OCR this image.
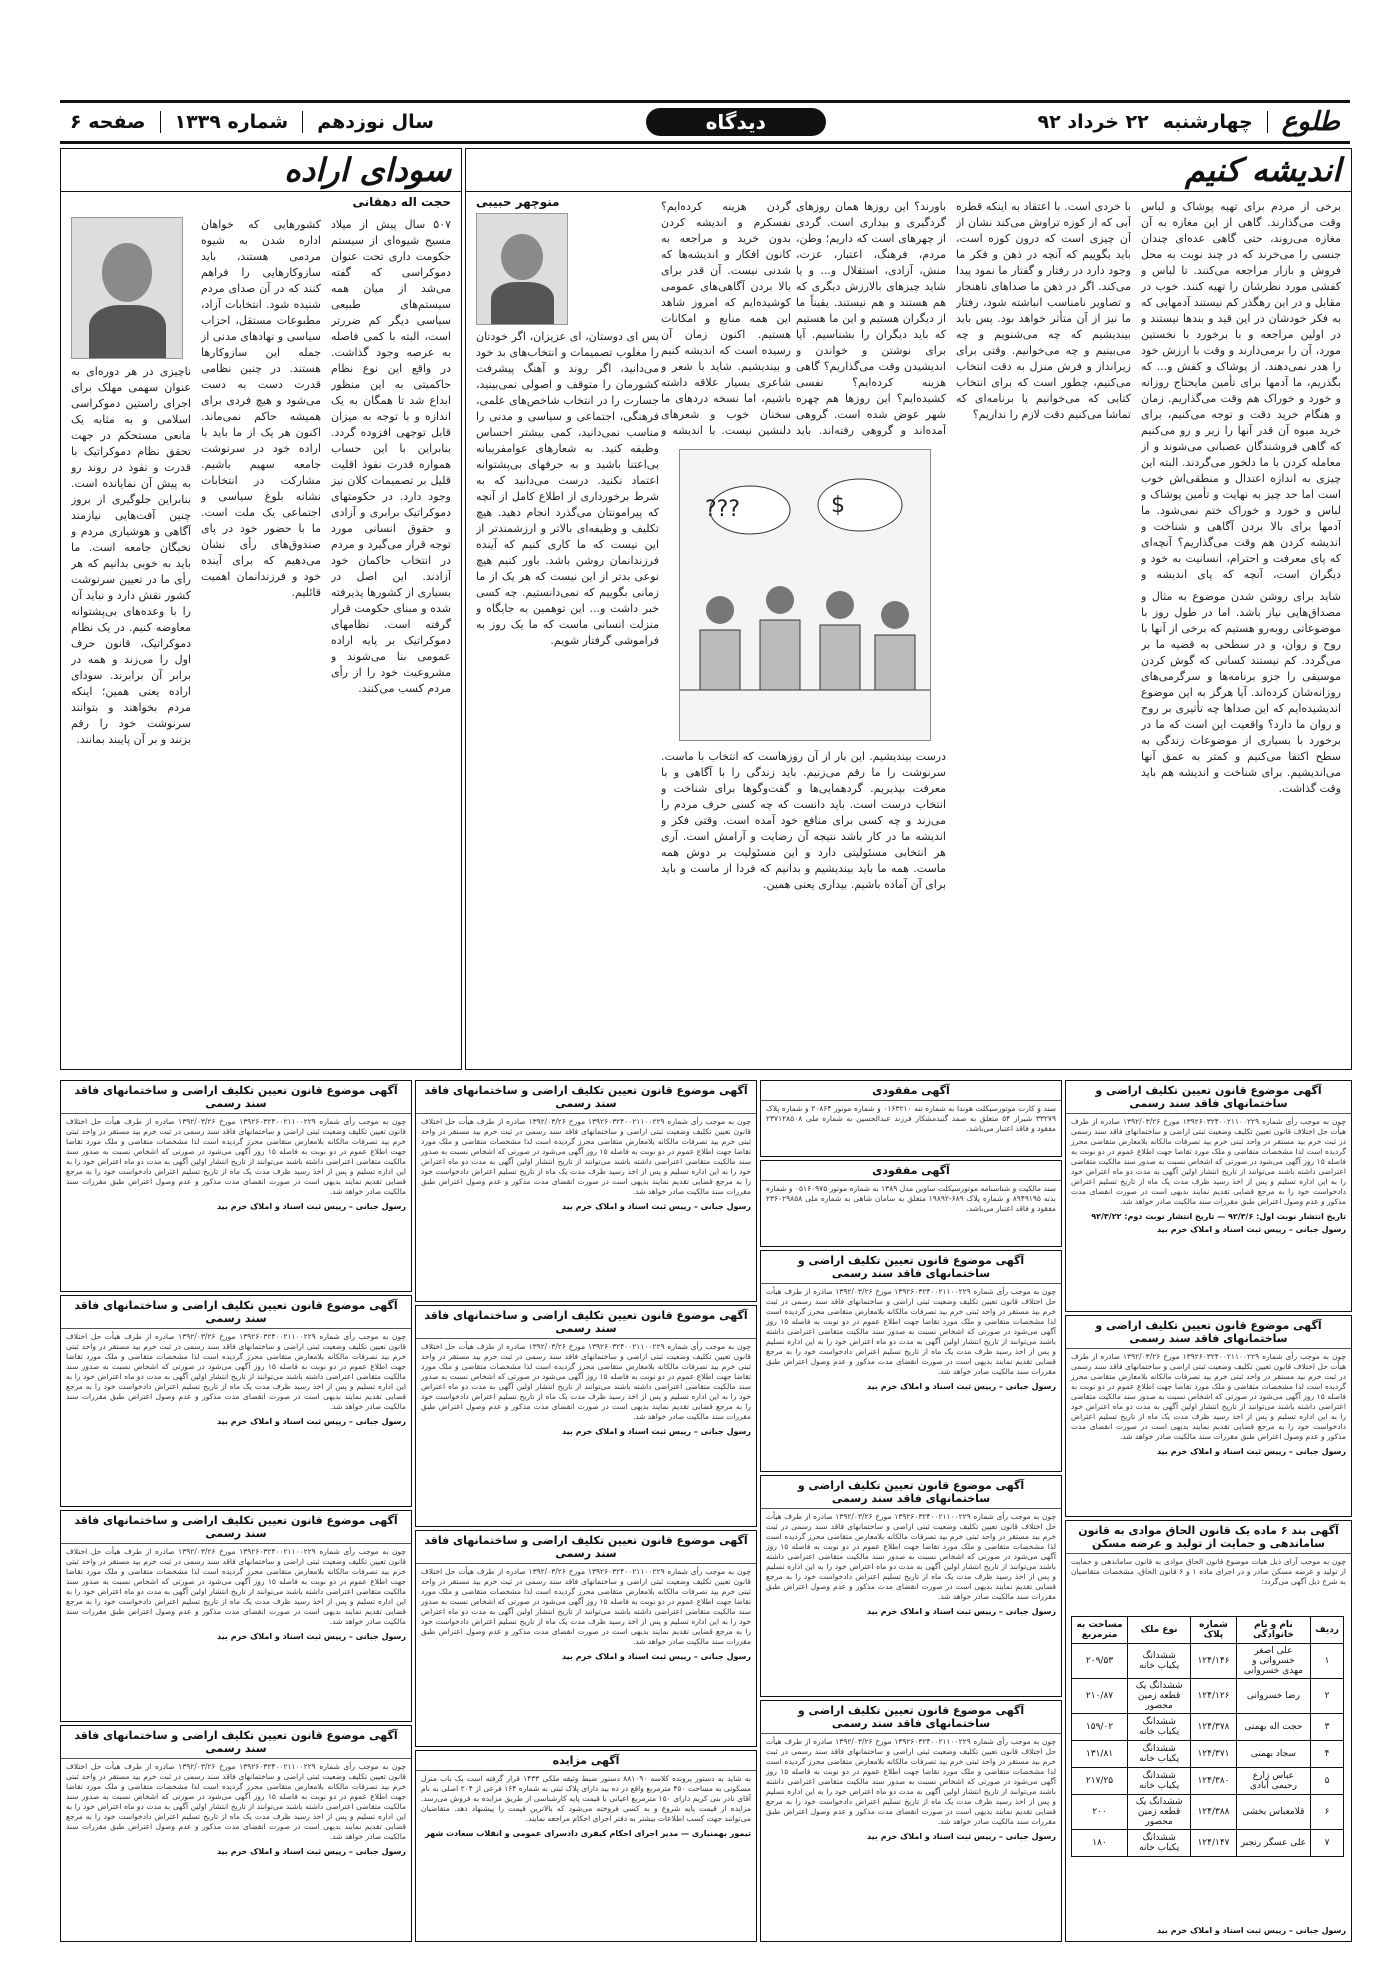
طلوع
چهارشنبه
۲۲ خرداد ۹۲
دیدگاه
سال نوزدهم
شماره ۱۳۳۹
صفحه ۶
اندیشه کنیم
منوچهر حبیبی	برخی از مردم برای تهیه پوشاک و لباس وقت می‌گذارند. گاهی از این مغازه به آن مغازه می‌روند، حتی گاهی عده‌ای چندان جنسی را می‌خرند که در چند نوبت به محل فروش و بازار مراجعه می‌کنند. تا لباس و کفشی مورد نظرشان را تهیه کنند. خوب در مقابل و در این رهگذر کم نیستند آدمهایی که به فکر خودشان در این قید و بندها نیستند و در اولین مراجعه و با برخورد با نخستین مورد، آن را برمی‌دارند و وقت با ارزش خود را هدر نمی‌دهند. از پوشاک و کفش و... که بگذریم، ما آدمها برای تأمین مایحتاج روزانه و خورد و خوراک هم وقت می‌گذاریم. زمان و هنگام خرید دقت و توجه می‌کنیم، برای خرید میوه آن قدر آنها را زیر و رو می‌کنیم که گاهی فروشندگان عصبانی می‌شوند و از معامله کردن با ما دلخور می‌گردند. البته این چیزی به اندازه اعتدال و منطقی‌اش خوب است اما حد چیز به نهایت و تأمین پوشاک و لباس و خورد و خوراک ختم نمی‌شود. ما آدمها برای بالا بردن آگاهی و شناخت و اندیشه کردن هم وقت می‌گذاریم؟ آنچه‌ای که پای معرفت و احترام، انسانیت به خود و دیگران است، آنچه که پای اندیشه و
شاید برای روشن شدن موضوع به مثال و مصداق‌هایی نیاز باشد. اما در طول روز با موضوعاتی روبه‌رو هستیم که برخی از آنها با روح و روان، و در سطحی به قضیه ما بر می‌گردد. کم نیستند کسانی که گوش کردن موسیقی را جزو برنامه‌ها و سرگرمی‌های روزانه‌شان کرده‌اند. آیا هرگز به این موضوع اندیشیده‌ایم که این صداها چه تأثیری بر روح و روان ما دارد؟ واقعیت این است که ما در برخورد با بسیاری از موضوعات زندگی به سطح اکتفا می‌کنیم و کمتر به عمق آنها می‌اندیشیم. برای شناخت و اندیشه هم باید وقت گذاشت.
با خردی است. با اعتقاد به اینکه قطره آبی که از کوزه تراوش می‌کند نشان از آن چیزی است که درون کوزه است، باید بگوییم که آنچه در ذهن و فکر ما وجود دارد در رفتار و گفتار ما نمود پیدا می‌کند. اگر در ذهن ما صداهای ناهنجار و تصاویر نامناسب انباشته شود، رفتار ما نیز از آن متأثر خواهد بود. پس باید بیندیشیم که چه می‌شنویم و چه می‌بینیم و چه می‌خوانیم. وقتی برای زیرانداز و فرش منزل به دقت انتخاب می‌کنیم، چطور است که برای انتخاب کتابی که می‌خوانیم یا برنامه‌ای که تماشا می‌کنیم دقت لازم را نداریم؟
باورند؟ این روزها همان روزهای گردگیری و بیداری است. گردی از چهرهای است که داریم؛ وطن، مردم، فرهنگ، اعتبار، عزت، منش، آزادی، استقلال و... و یا شاید چیزهای بالارزش دیگری که هم هستند و هم نیستند. یقیناً ما از دیگران هستیم و این ما هستیم که باید دیگران را بشناسیم. آیا برای نوشتن و خواندن و اندیشیدن وقت می‌گذاریم؟ گاهی هزینه کرده‌ایم؟ نفسی کشیده‌ایم؟ این روزها هم چهره شهر عوض شده است. گروهی آمده‌اند و گروهی رفته‌اند. باید
???	$
گردن هزینه کرده‌ایم؟ نفسکرم و اندیشه کردن بدون خرید و مراجعه به کانون افکار و اندیشه‌ها که شدنی نیست. آن قدر برای بالا بردن آگاهی‌های عمومی کوشیده‌ایم که امروز شاهد این همه منابع و امکانات هستیم. اکنون زمان آن رسیده است که اندیشه کنیم و بیندیشیم. شاید با شعر و شاعری بسیار علاقه داشته باشیم، اما نسخه دردهای ما سخنان خوب و شعرهای دلنشین نیست. با اندیشه و
درست بیندیشیم. این بار از آن روزهاست که انتخاب با ماست. سرنوشت را ما رقم می‌زنیم. باید زندگی را با آگاهی و با معرفت بپذیریم. گردهمایی‌ها و گفت‌وگوها برای شناخت و انتخاب درست است. باید دانست که چه کسی حرف مردم را می‌زند و چه کسی برای منافع خود آمده است. وقتی فکر و اندیشه ما در کار باشد نتیجه آن رضایت و آرامش است. آری هر انتخابی مسئولیتی دارد و این مسئولیت بر دوش همه ماست. همه ما باید بیندیشیم و بدانیم که فردا از ماست و باید برای آن آماده باشیم. بیداری یعنی همین.
پس ای دوستان، ای عزیزان، اگر خودتان را مغلوب تصمیمات و انتخاب‌های بد خود می‌دانید، اگر روند و آهنگ پیشرفت کشورمان را متوقف و اصولی نمی‌بینید، جسارت را در انتخاب شاخص‌های علمی، فرهنگی، اجتماعی و سیاسی و مدنی را مناسب نمی‌دانید، کمی بیشتر احساس وظیفه کنید. به شعارهای عوامفریبانه بی‌اعتنا باشید و به حرفهای بی‌پشتوانه اعتماد نکنید. درست می‌دانید که به شرط برخورداری از اطلاع کامل از آنچه که پیرامونتان می‌گذرد انجام دهید. هیچ تکلیف و وظیفه‌ای بالاتر و ارزشمندتر از این نیست که ما کاری کنیم که آینده فرزندانمان روشن باشد. باور کنیم هیچ نوعی بدتر از این نیست که هر یک از ما زمانی بگوییم که نمی‌دانستیم. چه کسی خبر داشت و... این توهمین به جایگاه و منزلت انسانی ماست که ما یک روز به فراموشی گرفتار شویم.
سودای اراده
حجت اله دهقانی
۵۰۷ سال پیش از میلاد مسیح شیوه‌ای از سیستم حکومت داری تحت عنوان دموکراسی که گفته می‌شد از میان همه سیستم‌های طبیعی سیاسی دیگر کم ضررتر است، البته با کمی فاصله به عرصه وجود گذاشت. در واقع این نوع نظام حاکمیتی به این منظور ابداع شد تا همگان به یک اندازه و با توجه به میزان قابل توجهی افزوده گردد. بنابراین با این حساب همواره قدرت نفوذ اقلیت قلیل بر تصمیمات کلان نیز وجود دارد. در حکومتهای دموکراتیک برابری و آزادی و حقوق انسانی مورد توجه قرار می‌گیرد و مردم در انتخاب حاکمان خود آزادند. این اصل در بسیاری از کشورها پذیرفته شده و مبنای حکومت قرار گرفته است. نظامهای دموکراتیک بر پایه اراده عمومی بنا می‌شوند و مشروعیت خود را از رأی مردم کسب می‌کنند.
کشور‌هایی که خواهان اداره شدن به شیوه مردمی هستند، باید سازوکارهایی را فراهم کنند که در آن صدای مردم شنیده شود. انتخابات آزاد، مطبوعات مستقل، احزاب سیاسی و نهادهای مدنی از جمله این سازوکارها هستند. در چنین نظامی قدرت دست به دست می‌شود و هیچ فردی برای همیشه حاکم نمی‌ماند. اکنون هر یک از ما باید با اراده خود در سرنوشت جامعه سهیم باشیم. مشارکت در انتخابات نشانه بلوغ سیاسی و اجتماعی یک ملت است. ما با حضور خود در پای صندوق‌های رأی نشان می‌دهیم که برای آینده خود و فرزندانمان اهمیت قائلیم.
ناچیزی در هر دوره‌ای به عنوان سهمی مهلک برای اجرای راستین دموکراسی اسلامی و به مثابه یک مانعی مستحکم در جهت تحقق نظام دموکراتیک با قدرت و نفوذ در روند رو به پیش آن نمایانده است. بنابراین جلوگیری از بروز چنین آفت‌هایی نیازمند آگاهی و هوشیاری مردم و نخبگان جامعه است. ما باید به خوبی بدانیم که هر رأی ما در تعیین سرنوشت کشور نقش دارد و نباید آن را با وعده‌های بی‌پشتوانه معاوضه کنیم. در یک نظام دموکراتیک، قانون حرف اول را می‌زند و همه در برابر آن برابرند. سودای اراده یعنی همین؛ اینکه مردم بخواهند و بتوانند سرنوشت خود را رقم بزنند و بر آن پایبند بمانند.
آگهی موضوع قانون تعیین تکلیف اراضی و ساختمانهای فاقد سند رسمی
چون به موجب رأی شماره ۱۳۹۲۶۰۳۲۴۰۰۲۱۱۰۰۲۲۹ مورخ ۱۳۹۲/۰۳/۲۶ صادره از طرف هیأت حل اختلاف قانون تعیین تکلیف وضعیت ثبتی اراضی و ساختمانهای فاقد سند رسمی در ثبت خرم بید مستقر در واحد ثبتی خرم بید تصرفات مالکانه بلامعارض متقاضی محرز گردیده است لذا مشخصات متقاضی و ملک مورد تقاضا جهت اطلاع عموم در دو نوبت به فاصله ۱۵ روز آگهی می‌شود در صورتی که اشخاص نسبت به صدور سند مالکیت متقاضی اعتراضی داشته باشند می‌توانند از تاریخ انتشار اولین آگهی به مدت دو ماه اعتراض خود را به این اداره تسلیم و پس از اخذ رسید ظرف مدت یک ماه از تاریخ تسلیم اعتراض دادخواست خود را به مرجع قضایی تقدیم نمایند بدیهی است در صورت انقضای مدت مذکور و عدم وصول اعتراض طبق مقررات سند مالکیت صادر خواهد شد.
تاریخ انتشار نوبت اول: ۹۲/۳/۶ — تاریخ انتشار نوبت دوم: ۹۲/۳/۲۲
رسول جبانی – رییس ثبت اسناد و املاک خرم بید
آگهی موضوع قانون تعیین تکلیف اراضی و ساختمانهای فاقد سند رسمی
چون به موجب رأی شماره ۱۳۹۲۶۰۳۲۴۰۰۲۱۱۰۰۲۲۹ مورخ ۱۳۹۲/۰۳/۲۶ صادره از طرف هیأت حل اختلاف قانون تعیین تکلیف وضعیت ثبتی اراضی و ساختمانهای فاقد سند رسمی در ثبت خرم بید مستقر در واحد ثبتی خرم بید تصرفات مالکانه بلامعارض متقاضی محرز گردیده است لذا مشخصات متقاضی و ملک مورد تقاضا جهت اطلاع عموم در دو نوبت به فاصله ۱۵ روز آگهی می‌شود در صورتی که اشخاص نسبت به صدور سند مالکیت متقاضی اعتراضی داشته باشند می‌توانند از تاریخ انتشار اولین آگهی به مدت دو ماه اعتراض خود را به این اداره تسلیم و پس از اخذ رسید ظرف مدت یک ماه از تاریخ تسلیم اعتراض دادخواست خود را به مرجع قضایی تقدیم نمایند بدیهی است در صورت انقضای مدت مذکور و عدم وصول اعتراض طبق مقررات سند مالکیت صادر خواهد شد.
رسول جبانی – رییس ثبت اسناد و املاک خرم بید
آگهی بند ۶ ماده یک قانون الحاق موادی به قانون ساماندهی و حمایت از تولید و عرضه مسکن
چون به موجب آرای ذیل هیات موضوع قانون الحاق موادی به قانون ساماندهی و حمایت از تولید و عرضه مسکن صادر و در اجرای ماده ۱ و ۶ قانون الحاق، مشخصات متقاضیان به شرح ذیل آگهی می‌گردد:
ردیف	نام و نام خانوادگی	شماره پلاک	نوع ملک	مساحت به مترمربع
۱	علی اصغر خسروانی و مهدی خسروانی	۱۲۴/۱۴۶	ششدانگ یکباب خانه	۲۰۹/۵۳
۲	رضا خسروانی	۱۲۴/۱۲۶	ششدانگ یک قطعه زمین محصور	۲۱۰/۸۷
۳	حجت اله بهمنی	۱۲۴/۳۷۸	ششدانگ یکباب خانه	۱۵۹/۰۲
۴	سجاد بهمنی	۱۲۴/۳۷۱	ششدانگ یکباب خانه	۱۳۱/۸۱
۵	عباس زارع رحیمی آبادی	۱۲۴/۳۸۰	ششدانگ یکباب خانه	۲۱۷/۲۵
۶	قلامعباس بخشی	۱۲۴/۳۸۸	ششدانگ یک قطعه زمین محصور	۲۰۰
۷	علی عسگر رنجبر	۱۲۴/۱۴۷	ششدانگ یکباب خانه	۱۸۰
رسول جبانی – رییس ثبت اسناد و املاک خرم بید
آگهی مفقودی
سند و کارت موتورسیکلت هوندا به شماره تنه ۰۱۶۳۲۱۰ و شماره موتور ۲۰۸۶۴ و شماره پلاک ۳۳۲۷۹ شیراز ۵۴ متعلق به صمد گنبدمشکار فرزند عبدالحسین به شماره ملی ۲۳۷۱۲۸۵۰۸ مفقود و فاقد اعتبار می‌باشد.
آگهی مفقودی
سند مالکیت و شناسنامه موتورسیکلت ساوین مدل ۱۳۸۹ به شماره موتور ۰۵۱۶۰۹۷۵ و شماره بدنه ۸۹۴۹۱۹۵ و شماره پلاک ۶۸۹-۱۹۸۹۲ متعلق به سامان شاهی به شماره ملی ۲۳۶۰۲۹۸۵۸ مفقود و فاقد اعتبار می‌باشد.
آگهی موضوع قانون تعیین تکلیف اراضی و ساختمانهای فاقد سند رسمی
چون به موجب رأی شماره ۱۳۹۲۶۰۳۲۴۰۰۲۱۱۰۰۲۲۹ مورخ ۱۳۹۲/۰۳/۲۶ صادره از طرف هیأت حل اختلاف قانون تعیین تکلیف وضعیت ثبتی اراضی و ساختمانهای فاقد سند رسمی در ثبت خرم بید مستقر در واحد ثبتی خرم بید تصرفات مالکانه بلامعارض متقاضی محرز گردیده است لذا مشخصات متقاضی و ملک مورد تقاضا جهت اطلاع عموم در دو نوبت به فاصله ۱۵ روز آگهی می‌شود در صورتی که اشخاص نسبت به صدور سند مالکیت متقاضی اعتراضی داشته باشند می‌توانند از تاریخ انتشار اولین آگهی به مدت دو ماه اعتراض خود را به این اداره تسلیم و پس از اخذ رسید ظرف مدت یک ماه از تاریخ تسلیم اعتراض دادخواست خود را به مرجع قضایی تقدیم نمایند بدیهی است در صورت انقضای مدت مذکور و عدم وصول اعتراض طبق مقررات سند مالکیت صادر خواهد شد.
رسول جبانی – رییس ثبت اسناد و املاک خرم بید
آگهی موضوع قانون تعیین تکلیف اراضی و ساختمانهای فاقد سند رسمی
چون به موجب رأی شماره ۱۳۹۲۶۰۳۲۴۰۰۲۱۱۰۰۲۲۹ مورخ ۱۳۹۲/۰۳/۲۶ صادره از طرف هیأت حل اختلاف قانون تعیین تکلیف وضعیت ثبتی اراضی و ساختمانهای فاقد سند رسمی در ثبت خرم بید مستقر در واحد ثبتی خرم بید تصرفات مالکانه بلامعارض متقاضی محرز گردیده است لذا مشخصات متقاضی و ملک مورد تقاضا جهت اطلاع عموم در دو نوبت به فاصله ۱۵ روز آگهی می‌شود در صورتی که اشخاص نسبت به صدور سند مالکیت متقاضی اعتراضی داشته باشند می‌توانند از تاریخ انتشار اولین آگهی به مدت دو ماه اعتراض خود را به این اداره تسلیم و پس از اخذ رسید ظرف مدت یک ماه از تاریخ تسلیم اعتراض دادخواست خود را به مرجع قضایی تقدیم نمایند بدیهی است در صورت انقضای مدت مذکور و عدم وصول اعتراض طبق مقررات سند مالکیت صادر خواهد شد.
رسول جبانی – رییس ثبت اسناد و املاک خرم بید
آگهی موضوع قانون تعیین تکلیف اراضی و ساختمانهای فاقد سند رسمی
چون به موجب رأی شماره ۱۳۹۲۶۰۳۲۴۰۰۲۱۱۰۰۲۲۹ مورخ ۱۳۹۲/۰۳/۲۶ صادره از طرف هیأت حل اختلاف قانون تعیین تکلیف وضعیت ثبتی اراضی و ساختمانهای فاقد سند رسمی در ثبت خرم بید مستقر در واحد ثبتی خرم بید تصرفات مالکانه بلامعارض متقاضی محرز گردیده است لذا مشخصات متقاضی و ملک مورد تقاضا جهت اطلاع عموم در دو نوبت به فاصله ۱۵ روز آگهی می‌شود در صورتی که اشخاص نسبت به صدور سند مالکیت متقاضی اعتراضی داشته باشند می‌توانند از تاریخ انتشار اولین آگهی به مدت دو ماه اعتراض خود را به این اداره تسلیم و پس از اخذ رسید ظرف مدت یک ماه از تاریخ تسلیم اعتراض دادخواست خود را به مرجع قضایی تقدیم نمایند بدیهی است در صورت انقضای مدت مذکور و عدم وصول اعتراض طبق مقررات سند مالکیت صادر خواهد شد.
رسول جبانی – رییس ثبت اسناد و املاک خرم بید
آگهی موضوع قانون تعیین تکلیف اراضی و ساختمانهای فاقد سند رسمی
چون به موجب رأی شماره ۱۳۹۲۶۰۳۲۴۰۰۲۱۱۰۰۲۲۹ مورخ ۱۳۹۲/۰۳/۲۶ صادره از طرف هیأت حل اختلاف قانون تعیین تکلیف وضعیت ثبتی اراضی و ساختمانهای فاقد سند رسمی در ثبت خرم بید مستقر در واحد ثبتی خرم بید تصرفات مالکانه بلامعارض متقاضی محرز گردیده است لذا مشخصات متقاضی و ملک مورد تقاضا جهت اطلاع عموم در دو نوبت به فاصله ۱۵ روز آگهی می‌شود در صورتی که اشخاص نسبت به صدور سند مالکیت متقاضی اعتراضی داشته باشند می‌توانند از تاریخ انتشار اولین آگهی به مدت دو ماه اعتراض خود را به این اداره تسلیم و پس از اخذ رسید ظرف مدت یک ماه از تاریخ تسلیم اعتراض دادخواست خود را به مرجع قضایی تقدیم نمایند بدیهی است در صورت انقضای مدت مذکور و عدم وصول اعتراض طبق مقررات سند مالکیت صادر خواهد شد.
رسول جبانی – رییس ثبت اسناد و املاک خرم بید
آگهی موضوع قانون تعیین تکلیف اراضی و ساختمانهای فاقد سند رسمی
چون به موجب رأی شماره ۱۳۹۲۶۰۳۲۴۰۰۲۱۱۰۰۲۲۹ مورخ ۱۳۹۲/۰۳/۲۶ صادره از طرف هیأت حل اختلاف قانون تعیین تکلیف وضعیت ثبتی اراضی و ساختمانهای فاقد سند رسمی در ثبت خرم بید مستقر در واحد ثبتی خرم بید تصرفات مالکانه بلامعارض متقاضی محرز گردیده است لذا مشخصات متقاضی و ملک مورد تقاضا جهت اطلاع عموم در دو نوبت به فاصله ۱۵ روز آگهی می‌شود در صورتی که اشخاص نسبت به صدور سند مالکیت متقاضی اعتراضی داشته باشند می‌توانند از تاریخ انتشار اولین آگهی به مدت دو ماه اعتراض خود را به این اداره تسلیم و پس از اخذ رسید ظرف مدت یک ماه از تاریخ تسلیم اعتراض دادخواست خود را به مرجع قضایی تقدیم نمایند بدیهی است در صورت انقضای مدت مذکور و عدم وصول اعتراض طبق مقررات سند مالکیت صادر خواهد شد.
رسول جبانی – رییس ثبت اسناد و املاک خرم بید
آگهی موضوع قانون تعیین تکلیف اراضی و ساختمانهای فاقد سند رسمی
چون به موجب رأی شماره ۱۳۹۲۶۰۳۲۴۰۰۲۱۱۰۰۲۲۹ مورخ ۱۳۹۲/۰۳/۲۶ صادره از طرف هیأت حل اختلاف قانون تعیین تکلیف وضعیت ثبتی اراضی و ساختمانهای فاقد سند رسمی در ثبت خرم بید مستقر در واحد ثبتی خرم بید تصرفات مالکانه بلامعارض متقاضی محرز گردیده است لذا مشخصات متقاضی و ملک مورد تقاضا جهت اطلاع عموم در دو نوبت به فاصله ۱۵ روز آگهی می‌شود در صورتی که اشخاص نسبت به صدور سند مالکیت متقاضی اعتراضی داشته باشند می‌توانند از تاریخ انتشار اولین آگهی به مدت دو ماه اعتراض خود را به این اداره تسلیم و پس از اخذ رسید ظرف مدت یک ماه از تاریخ تسلیم اعتراض دادخواست خود را به مرجع قضایی تقدیم نمایند بدیهی است در صورت انقضای مدت مذکور و عدم وصول اعتراض طبق مقررات سند مالکیت صادر خواهد شد.
رسول جبانی – رییس ثبت اسناد و املاک خرم بید
آگهی مزایده
به شاید به دستور پرونده کلاسه ۸۸۱۰۹۰ دستور ضبط وثیقه ملکی ۱۴۳۳ قرار گرفته است یک باب منزل مسکونی به مساحت ۴۵۰ مترمربع واقع در ده بید دارای پلاک ثبتی به شماره ۱۶۴ فرعی از ۲۰۴ اصلی به نام آقای نادر بنی کریم دارای ۱۵۰ مترمربع اعیانی با قیمت پایه کارشناسی از طریق مزایده به فروش می‌رسد. مزایده از قیمت پایه شروع و به کسی فروخته می‌شود که بالاترین قیمت را پیشنهاد دهد. متقاضیان می‌توانند جهت کسب اطلاعات بیشتر به دفتر اجرای احکام مراجعه نمایند.
تیمور بهمنیاری — مدیر اجرای احکام کیفری دادسرای عمومی و انقلاب سعادت شهر
آگهی موضوع قانون تعیین تکلیف اراضی و ساختمانهای فاقد سند رسمی
چون به موجب رأی شماره ۱۳۹۲۶۰۳۲۴۰۰۲۱۱۰۰۲۲۹ مورخ ۱۳۹۲/۰۳/۲۶ صادره از طرف هیأت حل اختلاف قانون تعیین تکلیف وضعیت ثبتی اراضی و ساختمانهای فاقد سند رسمی در ثبت خرم بید مستقر در واحد ثبتی خرم بید تصرفات مالکانه بلامعارض متقاضی محرز گردیده است لذا مشخصات متقاضی و ملک مورد تقاضا جهت اطلاع عموم در دو نوبت به فاصله ۱۵ روز آگهی می‌شود در صورتی که اشخاص نسبت به صدور سند مالکیت متقاضی اعتراضی داشته باشند می‌توانند از تاریخ انتشار اولین آگهی به مدت دو ماه اعتراض خود را به این اداره تسلیم و پس از اخذ رسید ظرف مدت یک ماه از تاریخ تسلیم اعتراض دادخواست خود را به مرجع قضایی تقدیم نمایند بدیهی است در صورت انقضای مدت مذکور و عدم وصول اعتراض طبق مقررات سند مالکیت صادر خواهد شد.
رسول جبانی – رییس ثبت اسناد و املاک خرم بید
آگهی موضوع قانون تعیین تکلیف اراضی و ساختمانهای فاقد سند رسمی
چون به موجب رأی شماره ۱۳۹۲۶۰۳۲۴۰۰۲۱۱۰۰۲۲۹ مورخ ۱۳۹۲/۰۳/۲۶ صادره از طرف هیأت حل اختلاف قانون تعیین تکلیف وضعیت ثبتی اراضی و ساختمانهای فاقد سند رسمی در ثبت خرم بید مستقر در واحد ثبتی خرم بید تصرفات مالکانه بلامعارض متقاضی محرز گردیده است لذا مشخصات متقاضی و ملک مورد تقاضا جهت اطلاع عموم در دو نوبت به فاصله ۱۵ روز آگهی می‌شود در صورتی که اشخاص نسبت به صدور سند مالکیت متقاضی اعتراضی داشته باشند می‌توانند از تاریخ انتشار اولین آگهی به مدت دو ماه اعتراض خود را به این اداره تسلیم و پس از اخذ رسید ظرف مدت یک ماه از تاریخ تسلیم اعتراض دادخواست خود را به مرجع قضایی تقدیم نمایند بدیهی است در صورت انقضای مدت مذکور و عدم وصول اعتراض طبق مقررات سند مالکیت صادر خواهد شد.
رسول جبانی – رییس ثبت اسناد و املاک خرم بید
آگهی موضوع قانون تعیین تکلیف اراضی و ساختمانهای فاقد سند رسمی
چون به موجب رأی شماره ۱۳۹۲۶۰۳۲۴۰۰۲۱۱۰۰۲۲۹ مورخ ۱۳۹۲/۰۳/۲۶ صادره از طرف هیأت حل اختلاف قانون تعیین تکلیف وضعیت ثبتی اراضی و ساختمانهای فاقد سند رسمی در ثبت خرم بید مستقر در واحد ثبتی خرم بید تصرفات مالکانه بلامعارض متقاضی محرز گردیده است لذا مشخصات متقاضی و ملک مورد تقاضا جهت اطلاع عموم در دو نوبت به فاصله ۱۵ روز آگهی می‌شود در صورتی که اشخاص نسبت به صدور سند مالکیت متقاضی اعتراضی داشته باشند می‌توانند از تاریخ انتشار اولین آگهی به مدت دو ماه اعتراض خود را به این اداره تسلیم و پس از اخذ رسید ظرف مدت یک ماه از تاریخ تسلیم اعتراض دادخواست خود را به مرجع قضایی تقدیم نمایند بدیهی است در صورت انقضای مدت مذکور و عدم وصول اعتراض طبق مقررات سند مالکیت صادر خواهد شد.
رسول جبانی – رییس ثبت اسناد و املاک خرم بید
آگهی موضوع قانون تعیین تکلیف اراضی و ساختمانهای فاقد سند رسمی
چون به موجب رأی شماره ۱۳۹۲۶۰۳۲۴۰۰۲۱۱۰۰۲۲۹ مورخ ۱۳۹۲/۰۳/۲۶ صادره از طرف هیأت حل اختلاف قانون تعیین تکلیف وضعیت ثبتی اراضی و ساختمانهای فاقد سند رسمی در ثبت خرم بید مستقر در واحد ثبتی خرم بید تصرفات مالکانه بلامعارض متقاضی محرز گردیده است لذا مشخصات متقاضی و ملک مورد تقاضا جهت اطلاع عموم در دو نوبت به فاصله ۱۵ روز آگهی می‌شود در صورتی که اشخاص نسبت به صدور سند مالکیت متقاضی اعتراضی داشته باشند می‌توانند از تاریخ انتشار اولین آگهی به مدت دو ماه اعتراض خود را به این اداره تسلیم و پس از اخذ رسید ظرف مدت یک ماه از تاریخ تسلیم اعتراض دادخواست خود را به مرجع قضایی تقدیم نمایند بدیهی است در صورت انقضای مدت مذکور و عدم وصول اعتراض طبق مقررات سند مالکیت صادر خواهد شد.
رسول جبانی – رییس ثبت اسناد و املاک خرم بید
